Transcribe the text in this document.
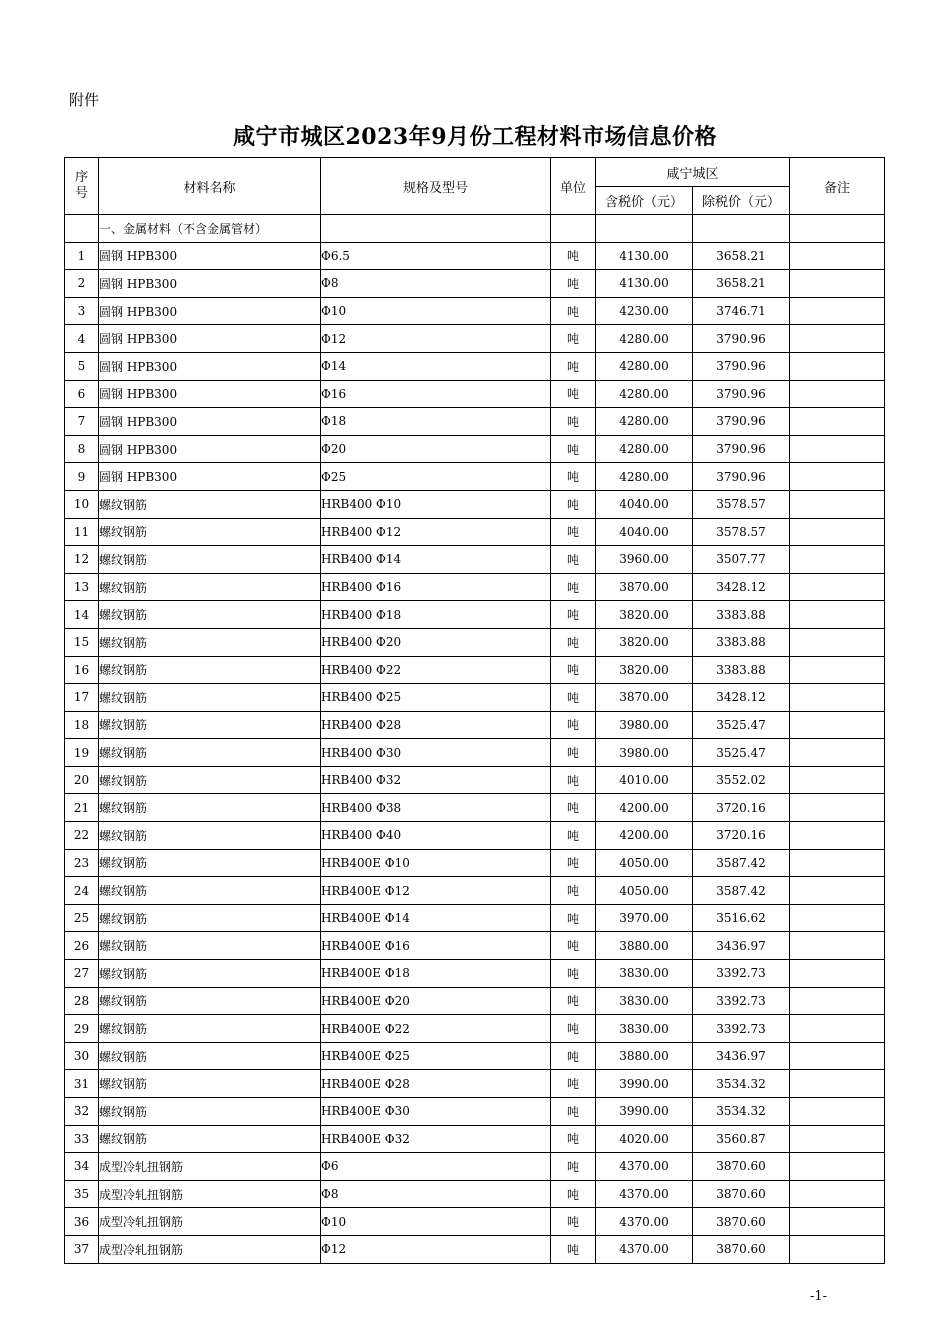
附件
咸宁市城区2023年9月份工程材料市场信息价格
序号	材料名称	规格及型号	单位	咸宁城区		备注
				含税价（元）	除税价（元）	
	一、金属材料（不含金属管材）					
1	圆钢 HPB300	Φ6.5	吨	4130.00	3658.21	
2	圆钢 HPB300	Φ8	吨	4130.00	3658.21	
3	圆钢 HPB300	Φ10	吨	4230.00	3746.71	
4	圆钢 HPB300	Φ12	吨	4280.00	3790.96	
5	圆钢 HPB300	Φ14	吨	4280.00	3790.96	
6	圆钢 HPB300	Φ16	吨	4280.00	3790.96	
7	圆钢 HPB300	Φ18	吨	4280.00	3790.96	
8	圆钢 HPB300	Φ20	吨	4280.00	3790.96	
9	圆钢 HPB300	Φ25	吨	4280.00	3790.96	
10	螺纹钢筋	HRB400 Φ10	吨	4040.00	3578.57	
11	螺纹钢筋	HRB400 Φ12	吨	4040.00	3578.57	
12	螺纹钢筋	HRB400 Φ14	吨	3960.00	3507.77	
13	螺纹钢筋	HRB400 Φ16	吨	3870.00	3428.12	
14	螺纹钢筋	HRB400 Φ18	吨	3820.00	3383.88	
15	螺纹钢筋	HRB400 Φ20	吨	3820.00	3383.88	
16	螺纹钢筋	HRB400 Φ22	吨	3820.00	3383.88	
17	螺纹钢筋	HRB400 Φ25	吨	3870.00	3428.12	
18	螺纹钢筋	HRB400 Φ28	吨	3980.00	3525.47	
19	螺纹钢筋	HRB400 Φ30	吨	3980.00	3525.47	
20	螺纹钢筋	HRB400 Φ32	吨	4010.00	3552.02	
21	螺纹钢筋	HRB400 Φ38	吨	4200.00	3720.16	
22	螺纹钢筋	HRB400 Φ40	吨	4200.00	3720.16	
23	螺纹钢筋	HRB400E Φ10	吨	4050.00	3587.42	
24	螺纹钢筋	HRB400E Φ12	吨	4050.00	3587.42	
25	螺纹钢筋	HRB400E Φ14	吨	3970.00	3516.62	
26	螺纹钢筋	HRB400E Φ16	吨	3880.00	3436.97	
27	螺纹钢筋	HRB400E Φ18	吨	3830.00	3392.73	
28	螺纹钢筋	HRB400E Φ20	吨	3830.00	3392.73	
29	螺纹钢筋	HRB400E Φ22	吨	3830.00	3392.73	
30	螺纹钢筋	HRB400E Φ25	吨	3880.00	3436.97	
31	螺纹钢筋	HRB400E Φ28	吨	3990.00	3534.32	
32	螺纹钢筋	HRB400E Φ30	吨	3990.00	3534.32	
33	螺纹钢筋	HRB400E Φ32	吨	4020.00	3560.87	
34	成型冷轧扭钢筋	Φ6	吨	4370.00	3870.60	
35	成型冷轧扭钢筋	Φ8	吨	4370.00	3870.60	
36	成型冷轧扭钢筋	Φ10	吨	4370.00	3870.60	
37	成型冷轧扭钢筋	Φ12	吨	4370.00	3870.60	
-1-
